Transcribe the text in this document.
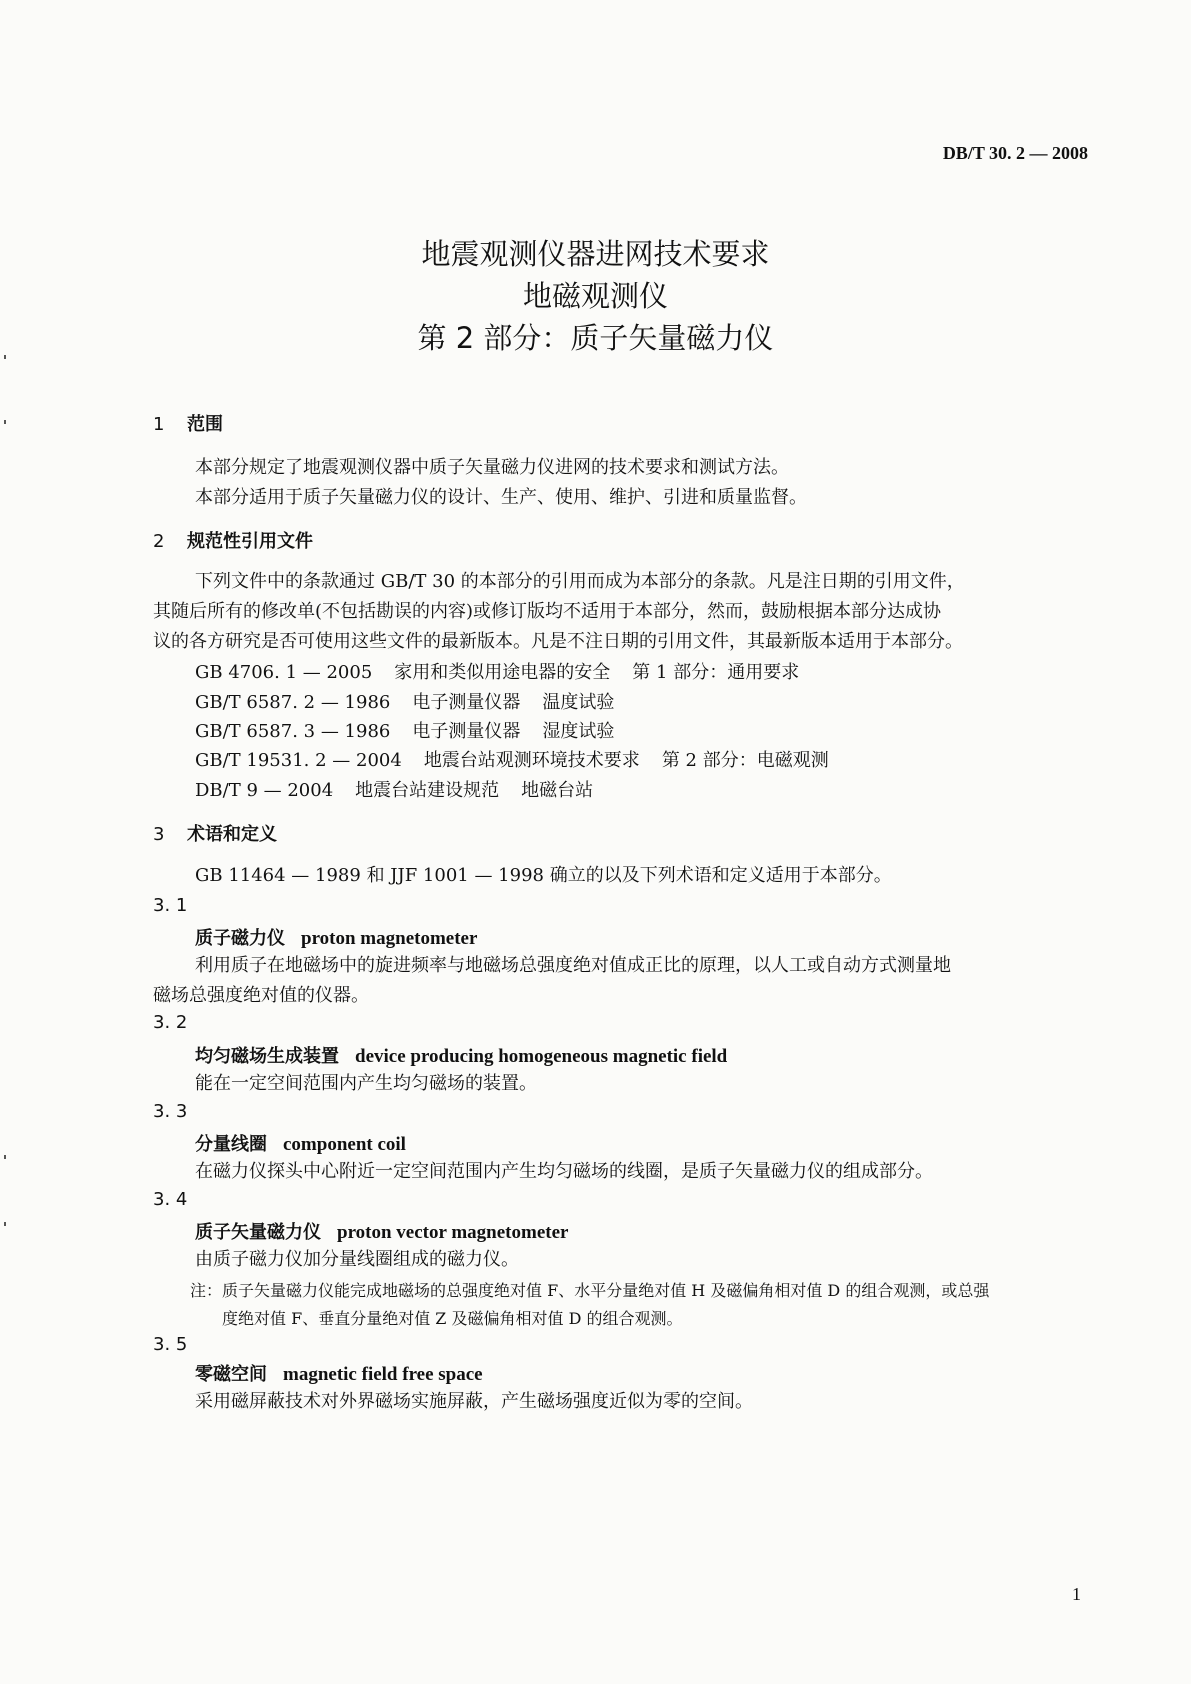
DB/T 30. 2 — 2008
地震观测仪器进网技术要求
地磁观测仪
第 2 部分：质子矢量磁力仪
1 范围
本部分规定了地震观测仪器中质子矢量磁力仪进网的技术要求和测试方法。
本部分适用于质子矢量磁力仪的设计、生产、使用、维护、引进和质量监督。
2 规范性引用文件
下列文件中的条款通过 GB/T 30 的本部分的引用而成为本部分的条款。凡是注日期的引用文件，
其随后所有的修改单(不包括勘误的内容)或修订版均不适用于本部分，然而，鼓励根据本部分达成协
议的各方研究是否可使用这些文件的最新版本。凡是不注日期的引用文件，其最新版本适用于本部分。
GB 4706. 1 — 2005 家用和类似用途电器的安全 第 1 部分：通用要求
GB/T 6587. 2 — 1986 电子测量仪器 温度试验
GB/T 6587. 3 — 1986 电子测量仪器 湿度试验
GB/T 19531. 2 — 2004 地震台站观测环境技术要求 第 2 部分：电磁观测
DB/T 9 — 2004 地震台站建设规范 地磁台站
3 术语和定义
GB 11464 — 1989 和 JJF 1001 — 1998 确立的以及下列术语和定义适用于本部分。
3. 1
质子磁力仪 proton magnetometer
利用质子在地磁场中的旋进频率与地磁场总强度绝对值成正比的原理，以人工或自动方式测量地
磁场总强度绝对值的仪器。
3. 2
均匀磁场生成装置 device producing homogeneous magnetic field
能在一定空间范围内产生均匀磁场的装置。
3. 3
分量线圈 component coil
在磁力仪探头中心附近一定空间范围内产生均匀磁场的线圈，是质子矢量磁力仪的组成部分。
3. 4
质子矢量磁力仪 proton vector magnetometer
由质子磁力仪加分量线圈组成的磁力仪。
注：质子矢量磁力仪能完成地磁场的总强度绝对值 F、水平分量绝对值 H 及磁偏角相对值 D 的组合观测，或总强
度绝对值 F、垂直分量绝对值 Z 及磁偏角相对值 D 的组合观测。
3. 5
零磁空间 magnetic field free space
采用磁屏蔽技术对外界磁场实施屏蔽，产生磁场强度近似为零的空间。
1
